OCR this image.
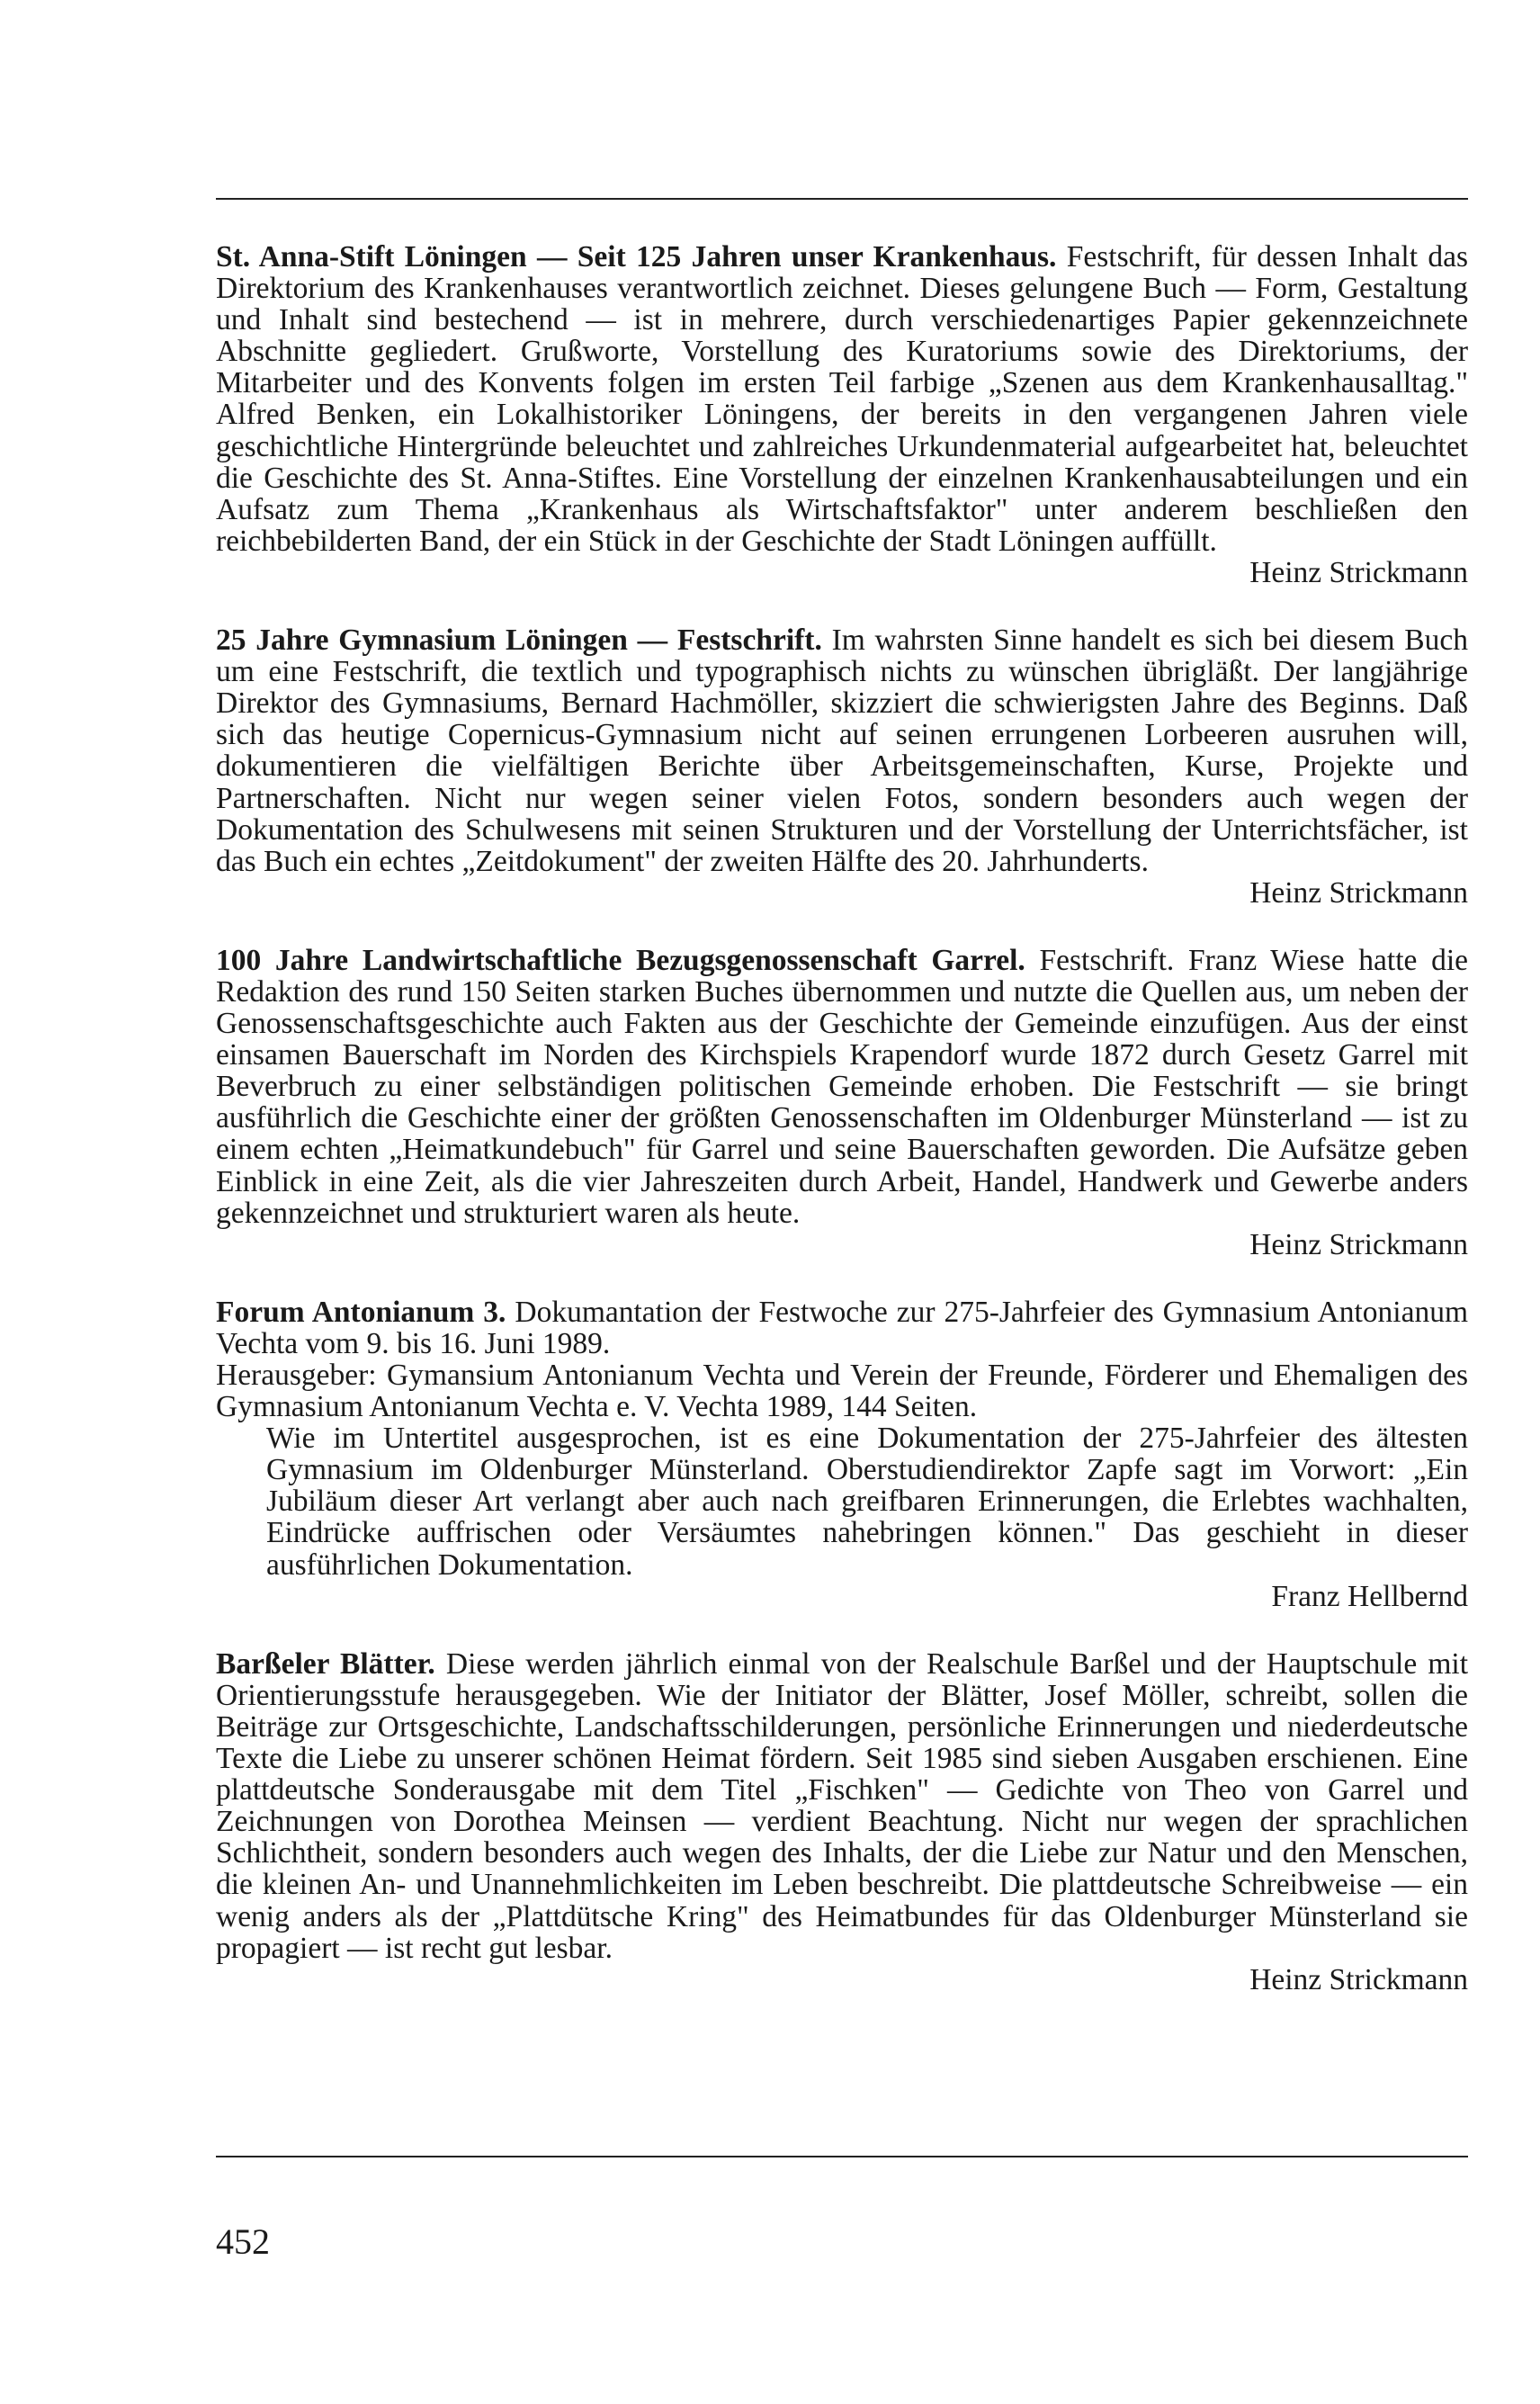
St. Anna-Stift Löningen — Seit 125 Jahren unser Krankenhaus. Festschrift, für dessen Inhalt das Direktorium des Krankenhauses verantwortlich zeichnet. Dieses gelungene Buch — Form, Gestaltung und Inhalt sind bestechend — ist in mehrere, durch verschiedenartiges Papier gekennzeichnete Abschnitte gegliedert. Grußworte, Vorstellung des Kuratoriums sowie des Direktoriums, der Mitarbeiter und des Konvents folgen im ersten Teil farbige „Szenen aus dem Krankenhausalltag." Alfred Benken, ein Lokalhistoriker Löningens, der bereits in den vergangenen Jahren viele geschichtliche Hintergründe beleuchtet und zahlreiches Urkundenmaterial aufgearbeitet hat, beleuchtet die Geschichte des St. Anna-Stiftes. Eine Vorstellung der einzelnen Krankenhausabteilungen und ein Aufsatz zum Thema „Krankenhaus als Wirtschaftsfaktor" unter anderem beschließen den reichbebilderten Band, der ein Stück in der Geschichte der Stadt Löningen auffüllt.

Heinz Strickmann

25 Jahre Gymnasium Löningen — Festschrift. Im wahrsten Sinne handelt es sich bei diesem Buch um eine Festschrift, die textlich und typographisch nichts zu wünschen übrigläßt. Der langjährige Direktor des Gymnasiums, Bernard Hachmöller, skizziert die schwierigsten Jahre des Beginns. Daß sich das heutige Copernicus-Gymnasium nicht auf seinen errungenen Lorbeeren ausruhen will, dokumentieren die vielfältigen Berichte über Arbeitsgemeinschaften, Kurse, Projekte und Partnerschaften. Nicht nur wegen seiner vielen Fotos, sondern besonders auch wegen der Dokumentation des Schulwesens mit seinen Strukturen und der Vorstellung der Unterrichtsfächer, ist das Buch ein echtes „Zeitdokument" der zweiten Hälfte des 20. Jahrhunderts.

Heinz Strickmann

100 Jahre Landwirtschaftliche Bezugsgenossenschaft Garrel. Festschrift. Franz Wiese hatte die Redaktion des rund 150 Seiten starken Buches übernommen und nutzte die Quellen aus, um neben der Genossenschaftsgeschichte auch Fakten aus der Geschichte der Gemeinde einzufügen. Aus der einst einsamen Bauerschaft im Norden des Kirchspiels Krapendorf wurde 1872 durch Gesetz Garrel mit Beverbruch zu einer selbständigen politischen Gemeinde erhoben. Die Festschrift — sie bringt ausführlich die Geschichte einer der größten Genossenschaften im Oldenburger Münsterland — ist zu einem echten „Heimatkundebuch" für Garrel und seine Bauerschaften geworden. Die Aufsätze geben Einblick in eine Zeit, als die vier Jahreszeiten durch Arbeit, Handel, Handwerk und Gewerbe anders gekennzeichnet und strukturiert waren als heute.

Heinz Strickmann

Forum Antonianum 3. Dokumantation der Festwoche zur 275-Jahrfeier des Gymnasium Antonianum Vechta vom 9. bis 16. Juni 1989.

Herausgeber: Gymansium Antonianum Vechta und Verein der Freunde, Förderer und Ehemaligen des Gymnasium Antonianum Vechta e. V. Vechta 1989, 144 Seiten.

Wie im Untertitel ausgesprochen, ist es eine Dokumentation der 275-Jahrfeier des ältesten Gymnasium im Oldenburger Münsterland. Oberstudiendirektor Zapfe sagt im Vorwort: „Ein Jubiläum dieser Art verlangt aber auch nach greifbaren Erinnerungen, die Erlebtes wachhalten, Eindrücke auffrischen oder Versäumtes nahebringen können." Das geschieht in dieser ausführlichen Dokumentation.

Franz Hellbernd

Barßeler Blätter. Diese werden jährlich einmal von der Realschule Barßel und der Hauptschule mit Orientierungsstufe herausgegeben. Wie der Initiator der Blätter, Josef Möller, schreibt, sollen die Beiträge zur Ortsgeschichte, Landschaftsschilderungen, persönliche Erinnerungen und niederdeutsche Texte die Liebe zu unserer schönen Heimat fördern. Seit 1985 sind sieben Ausgaben erschienen. Eine plattdeutsche Sonderausgabe mit dem Titel „Fischken" — Gedichte von Theo von Garrel und Zeichnungen von Dorothea Meinsen — verdient Beachtung. Nicht nur wegen der sprachlichen Schlichtheit, sondern besonders auch wegen des Inhalts, der die Liebe zur Natur und den Menschen, die kleinen An- und Unannehmlichkeiten im Leben beschreibt. Die plattdeutsche Schreibweise — ein wenig anders als der „Plattdütsche Kring" des Heimatbundes für das Oldenburger Münsterland sie propagiert — ist recht gut lesbar.

Heinz Strickmann
452
